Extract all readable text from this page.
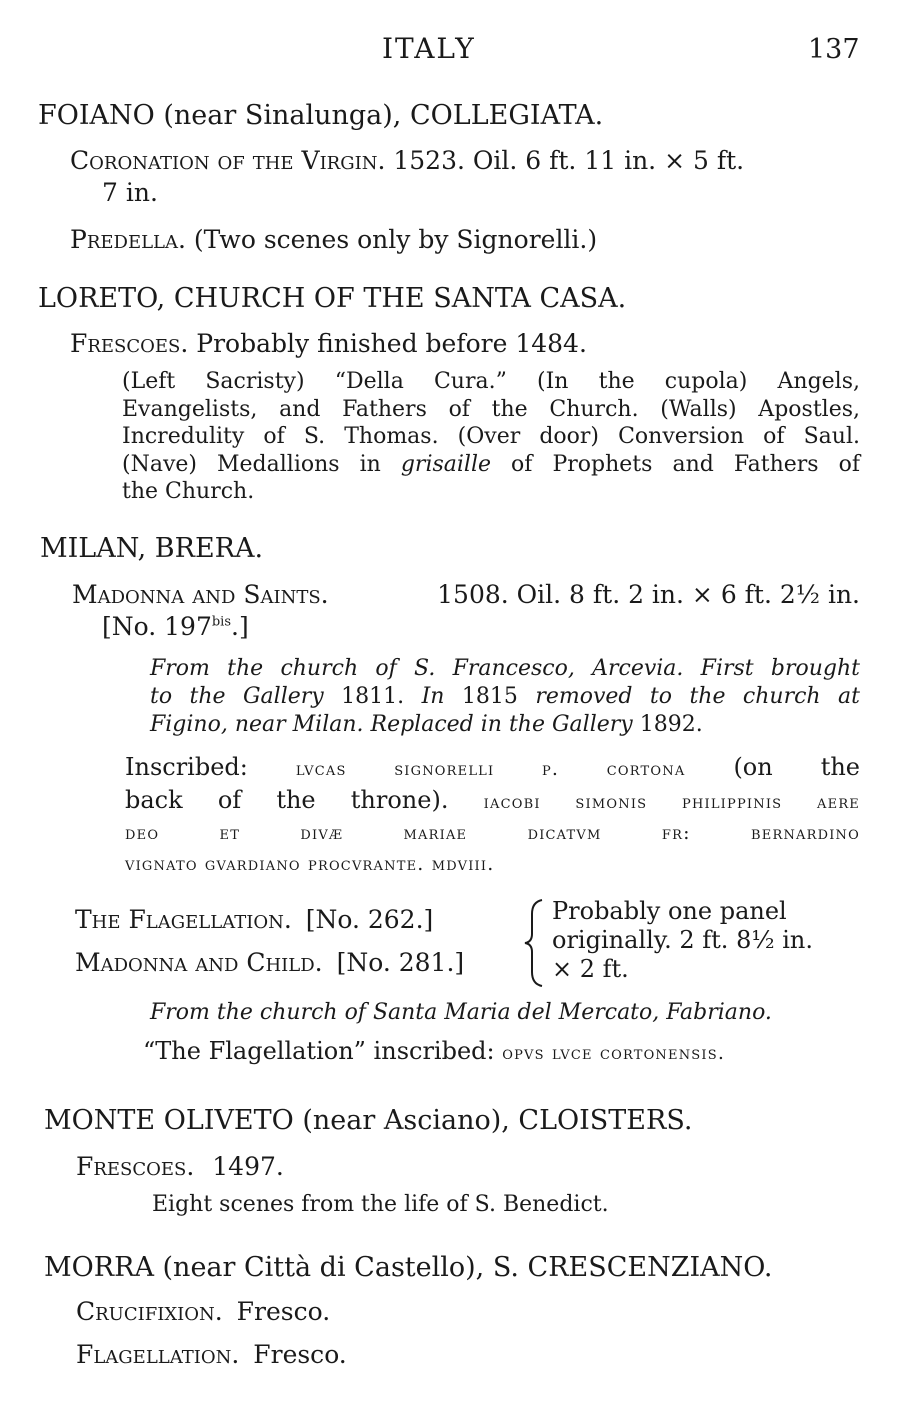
ITALY	137
FOIANO (near Sinalunga), COLLEGIATA.
Coronation of the Virgin. 1523. Oil. 6 ft. 11 in. × 5 ft.
7 in.
Predella. (Two scenes only by Signorelli.)
LORETO, CHURCH OF THE SANTA CASA.
Frescoes. Probably finished before 1484.
(Left Sacristy) “Della Cura.” (In the cupola) Angels,
Evangelists, and Fathers of the Church. (Walls) Apostles,
Incredulity of S. Thomas. (Over door) Conversion of Saul.
(Nave) Medallions in grisaille of Prophets and Fathers of
the Church.
MILAN, BRERA.
Madonna and Saints.	1508. Oil. 8 ft. 2 in. × 6 ft. 2½ in.
[No. $197^{bis}$.]
From the church of S. Francesco, Arcevia. First brought
to the Gallery 1811. In 1815 removed to the church at
Figino, near Milan. Replaced in the Gallery 1892.
Inscribed:	lvcas signorelli p. cortona (on the
back of the throne). iacobi simonis philippinis aere
deo et divæ mariae dicatvm fr: bernardino
vignato gvardiano procvrante. mdviii.
The Flagellation. [No. 262.]
Madonna and Child. [No. 281.]
Probably one panel
originally. 2 ft. 8½ in.
× 2 ft.
From the church of Santa Maria del Mercato, Fabriano.
“The Flagellation” inscribed: opvs lvce cortonensis.
MONTE OLIVETO (near Asciano), CLOISTERS.
Frescoes. 1497.
Eight scenes from the life of S. Benedict.
MORRA (near Città di Castello), S. CRESCENZIANO.
Crucifixion. Fresco.
Flagellation. Fresco.
